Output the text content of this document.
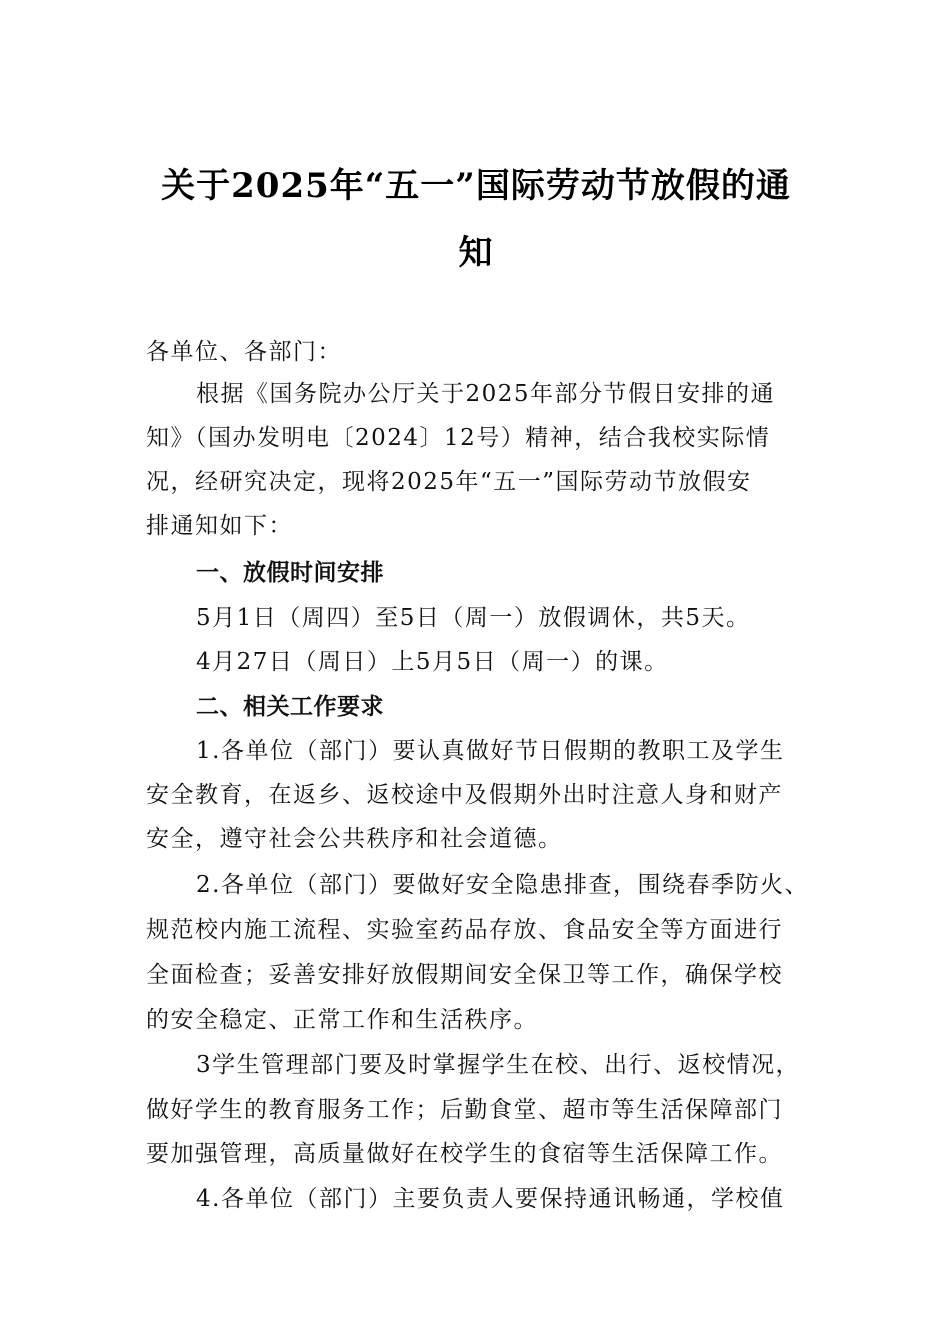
关于2025年“五一”国际劳动节放假的通
知
各单位、各部门：
根据《国务院办公厅关于2025年部分节假日安排的通
知》（国办发明电〔2024〕12号）精神，结合我校实际情
况，经研究决定，现将2025年“五一”国际劳动节放假安
排通知如下：
一、放假时间安排
5月1日（周四）至5日（周一）放假调休，共5天。
4月27日（周日）上5月5日（周一）的课。
二、相关工作要求
1.各单位（部门）要认真做好节日假期的教职工及学生
安全教育，在返乡、返校途中及假期外出时注意人身和财产
安全，遵守社会公共秩序和社会道德。
2.各单位（部门）要做好安全隐患排查，围绕春季防火、
规范校内施工流程、实验室药品存放、食品安全等方面进行
全面检查；妥善安排好放假期间安全保卫等工作，确保学校
的安全稳定、正常工作和生活秩序。
3学生管理部门要及时掌握学生在校、出行、返校情况，
做好学生的教育服务工作；后勤食堂、超市等生活保障部门
要加强管理，高质量做好在校学生的食宿等生活保障工作。
4.各单位（部门）主要负责人要保持通讯畅通，学校值
